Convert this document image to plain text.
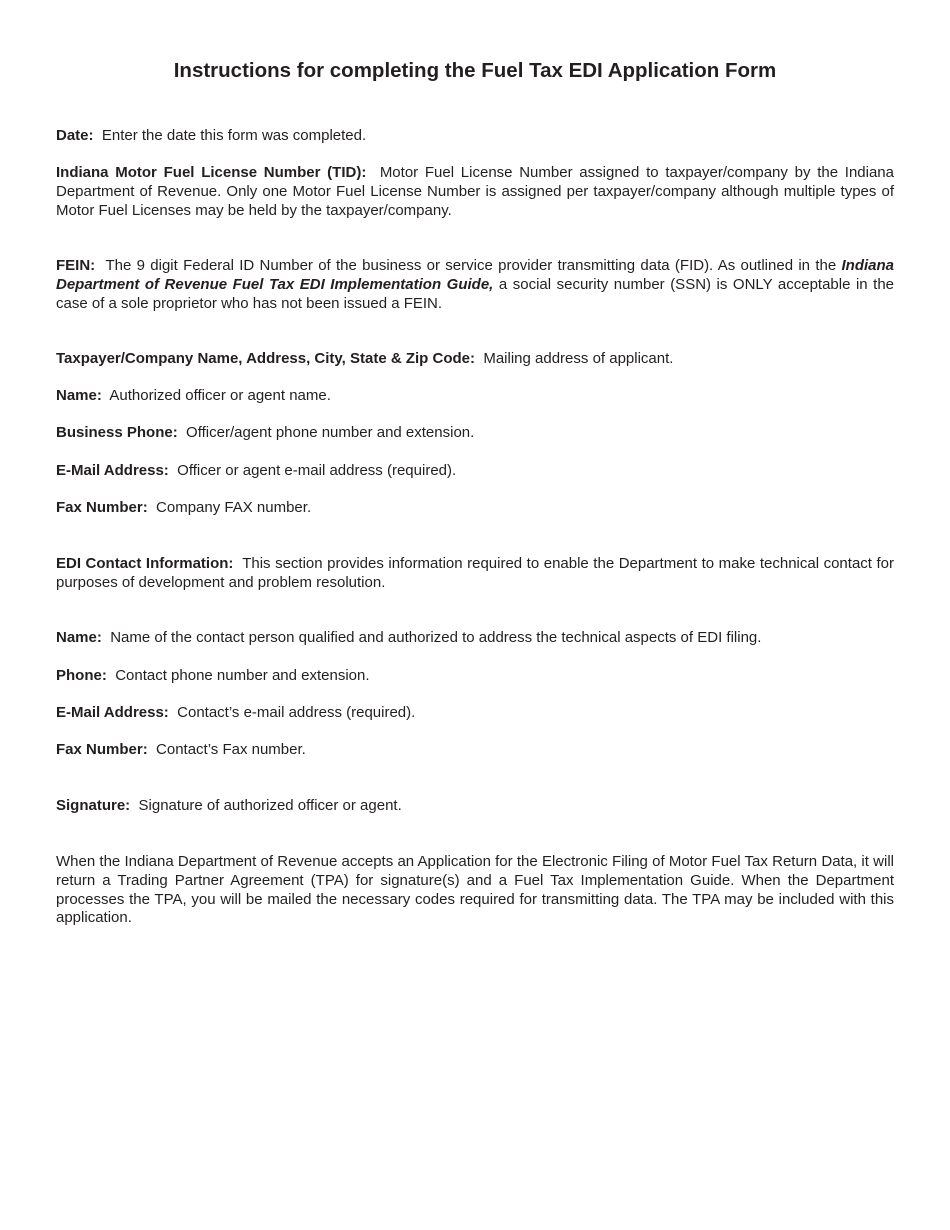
Instructions for completing the Fuel Tax EDI Application Form
Date: Enter the date this form was completed.
Indiana Motor Fuel License Number (TID): Motor Fuel License Number assigned to taxpayer/company by the Indiana Department of Revenue. Only one Motor Fuel License Number is assigned per taxpayer/company although multiple types of Motor Fuel Licenses may be held by the taxpayer/company.
FEIN: The 9 digit Federal ID Number of the business or service provider transmitting data (FID). As outlined in the Indiana Department of Revenue Fuel Tax EDI Implementation Guide, a social security number (SSN) is ONLY acceptable in the case of a sole proprietor who has not been issued a FEIN.
Taxpayer/Company Name, Address, City, State & Zip Code: Mailing address of applicant.
Name: Authorized officer or agent name.
Business Phone: Officer/agent phone number and extension.
E-Mail Address: Officer or agent e-mail address (required).
Fax Number: Company FAX number.
EDI Contact Information: This section provides information required to enable the Department to make technical contact for purposes of development and problem resolution.
Name: Name of the contact person qualified and authorized to address the technical aspects of EDI filing.
Phone: Contact phone number and extension.
E-Mail Address: Contact’s e-mail address (required).
Fax Number: Contact’s Fax number.
Signature: Signature of authorized officer or agent.
When the Indiana Department of Revenue accepts an Application for the Electronic Filing of Motor Fuel Tax Return Data, it will return a Trading Partner Agreement (TPA) for signature(s) and a Fuel Tax Implementation Guide. When the Department processes the TPA, you will be mailed the necessary codes required for transmitting data. The TPA may be included with this application.
